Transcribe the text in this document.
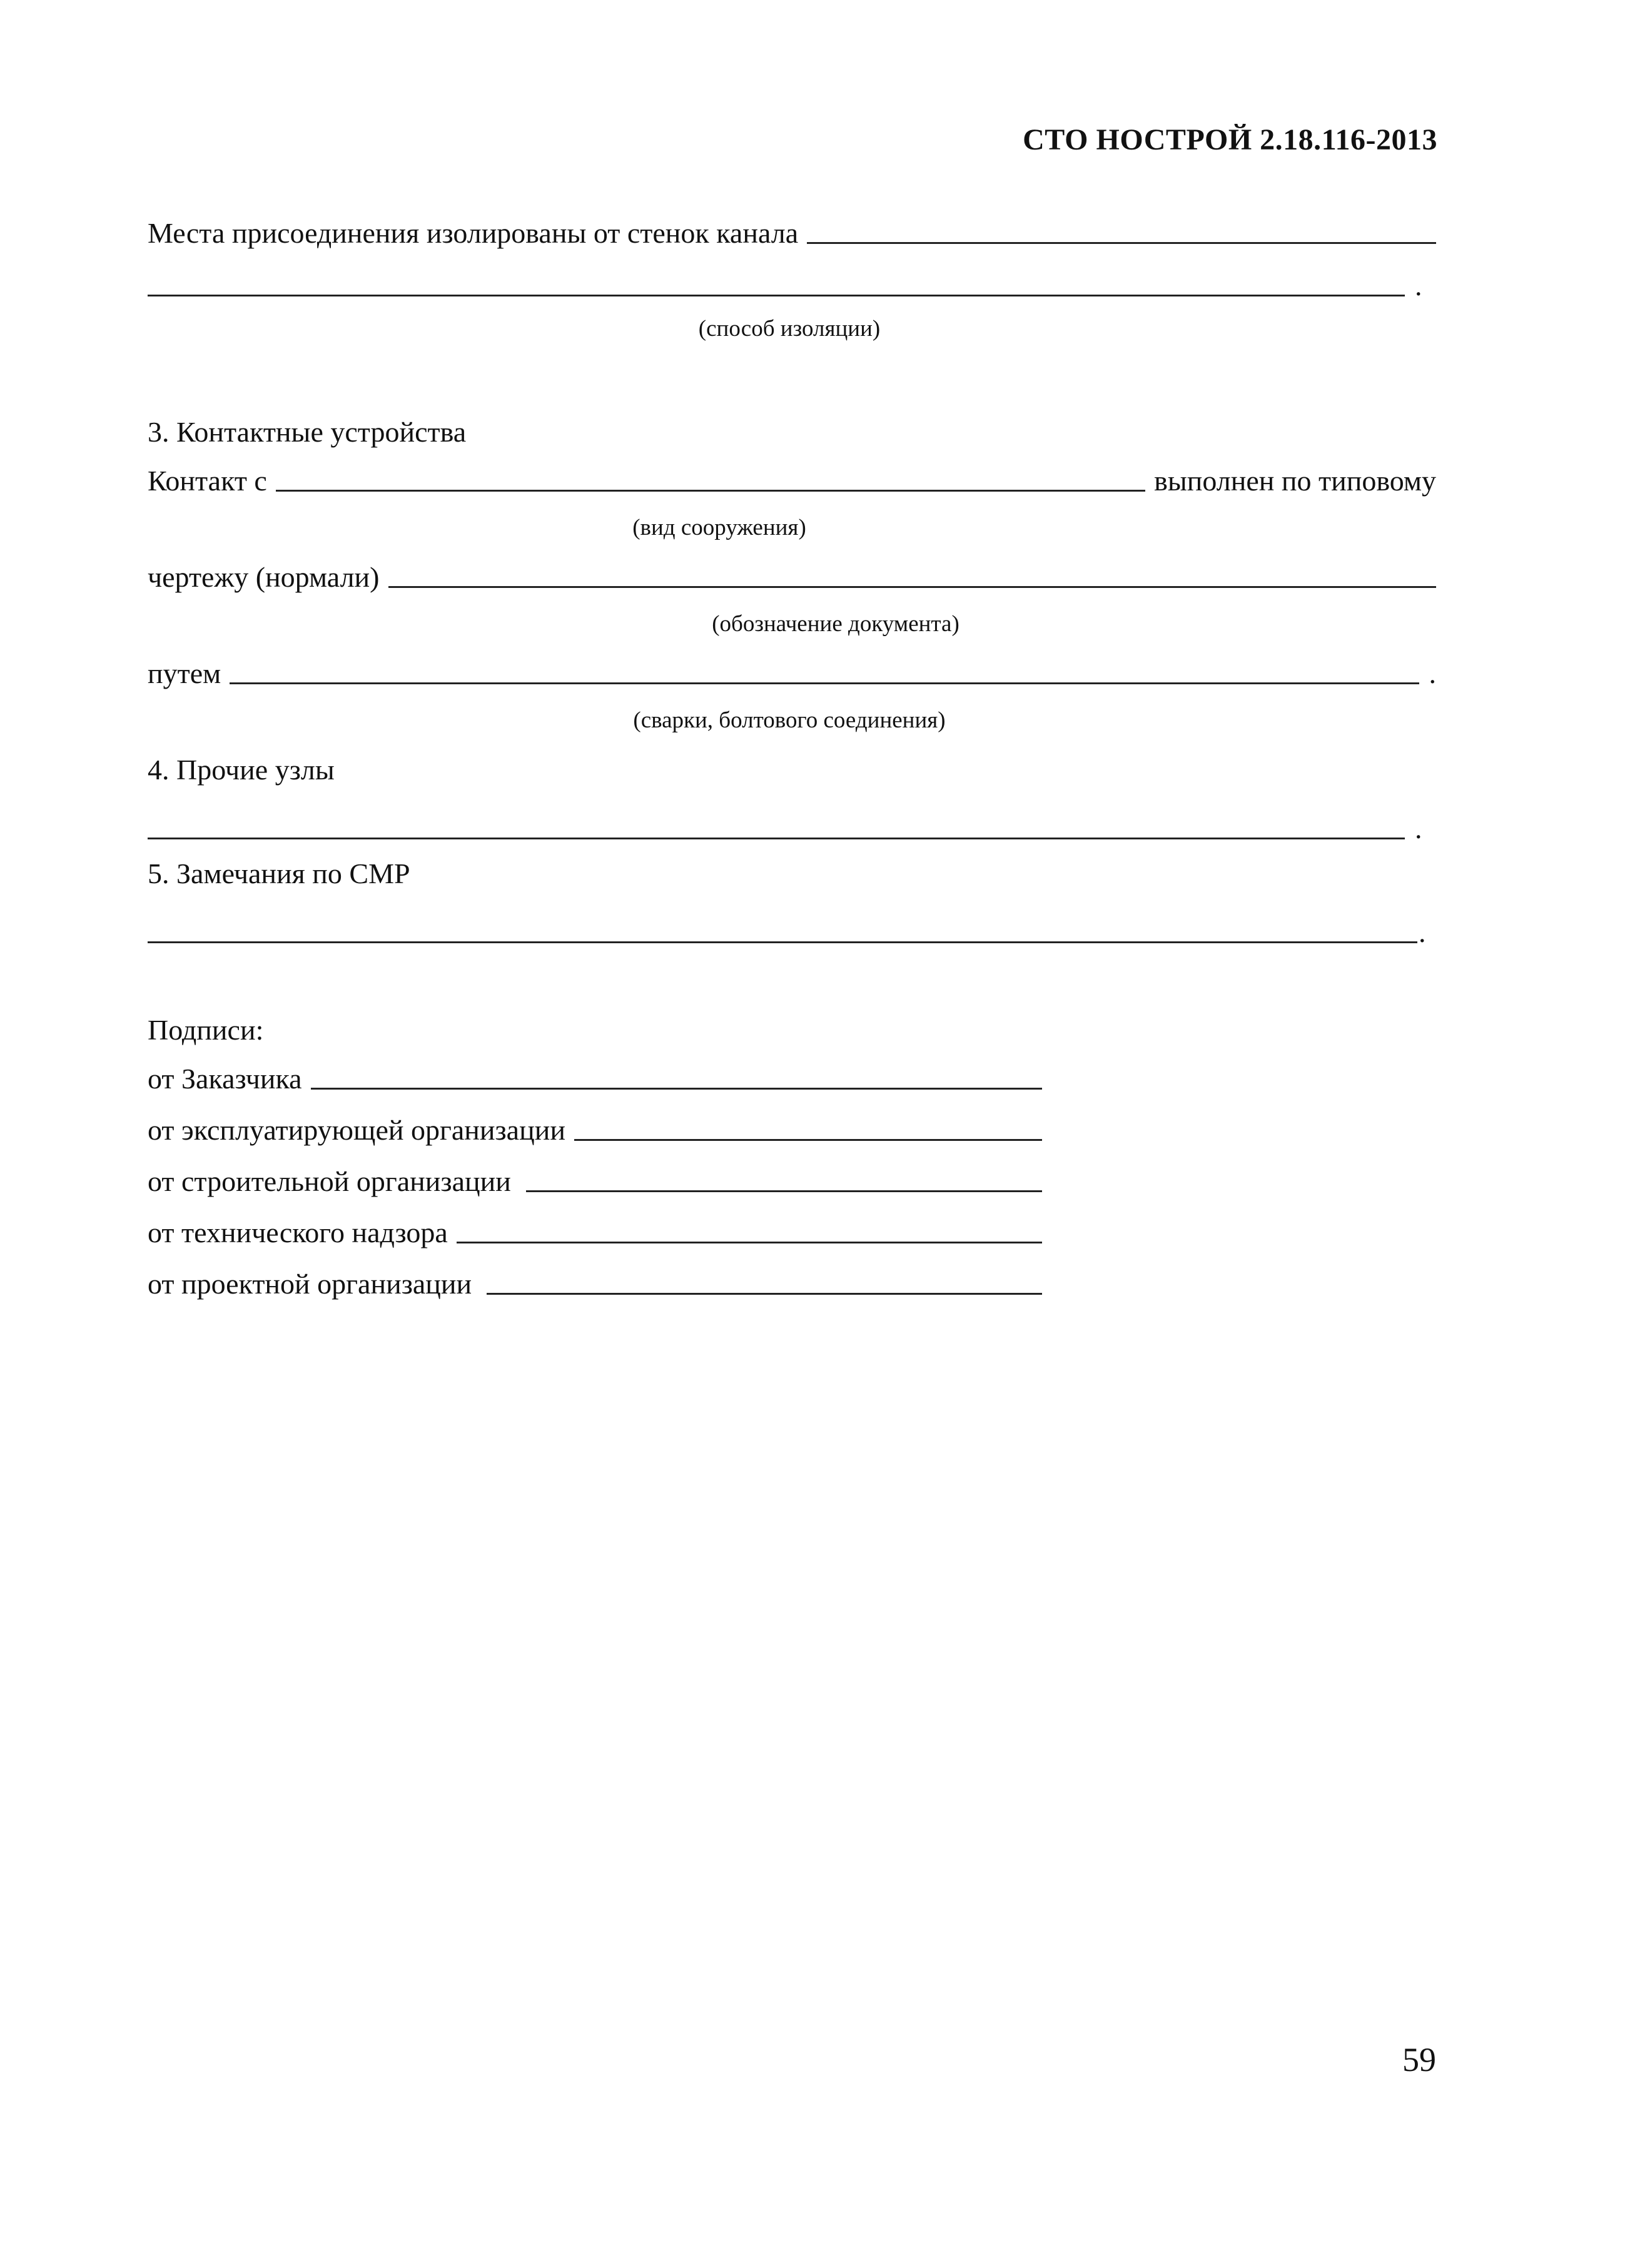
СТО НОСТРОЙ 2.18.116-2013
Места присоединения изолированы от стенок канала
.
(способ изоляции)
3. Контактные устройства
Контакт с	выполнен по типовому
(вид сооружения)
чертежу (нормали)
(обозначение документа)
путем	.
(сварки, болтового соединения)
4. Прочие узлы
.
5. Замечания по СМР
.
Подписи:
от Заказчика
от эксплуатирующей организации
от строительной организации
от технического надзора
от проектной организации
59
